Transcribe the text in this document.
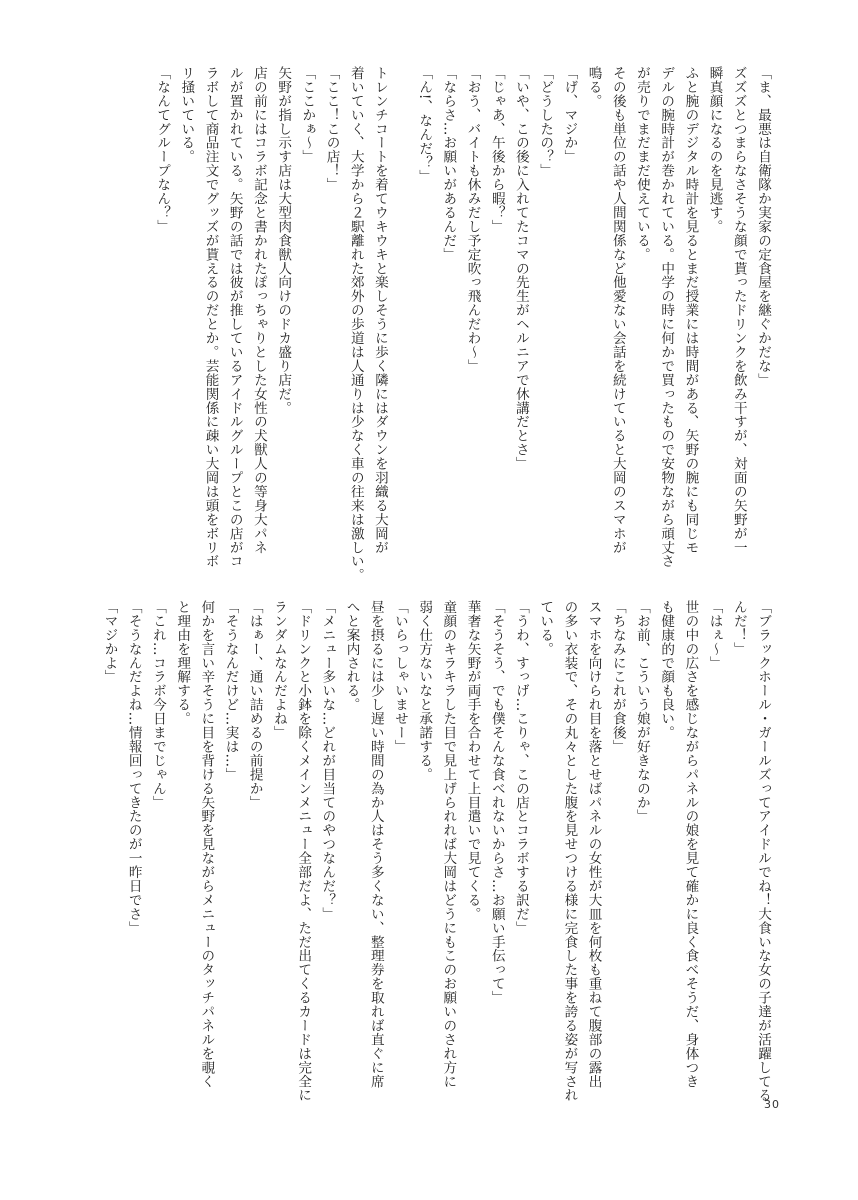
「ま、最悪は自衛隊か実家の定食屋を継ぐかだな」

ズズズとつまらなさそうな顔で貰ったドリンクを飲み干すが、対面の矢野が一

瞬真顔になるのを見逃す。

ふと腕のデジタル時計を見るとまだ授業には時間がある、矢野の腕にも同じモ

デルの腕時計が巻かれている。中学の時に何かで買ったもので安物ながら頑丈さ

が売りでまだまだ使えている。

その後も単位の話や人間関係など他愛ない会話を続けていると大岡のスマホが

鳴る。

「げ、マジか」

「どうしたの？」

「いや、この後に入れてたコマの先生がヘルニアで休講だとさ」

「じゃあ、午後から暇？」

「おう、バイトも休みだし予定吹っ飛んだわ〜」

「ならさ…お願いがあるんだ」

「ん!、なんだ？」

トレンチコートを着てウキウキと楽しそうに歩く隣にはダウンを羽織る大岡が

着いていく、大学から２駅離れた郊外の歩道は人通りは少なく車の往来は激しい。

「ここ！この店！」

「ここかぁ〜」

矢野が指し示す店は大型肉食獣人向けのドカ盛り店だ。

店の前にはコラボ記念と書かれたぽっちゃりとした女性の犬獣人の等身大パネ

ルが置かれている。矢野の話では彼が推しているアイドルグループとこの店がコ

ラボして商品注文でグッズが貰えるのだとか。芸能関係に疎い大岡は頭をボリボ

リ掻いている。

「なんてグループなん？」

「ブラックホール・ガールズってアイドルでね！大食いな女の子達が活躍してる

んだ！」

「はぇ〜」

世の中の広さを感じながらパネルの娘を見て確かに良く食べそうだ、身体つき

も健康的で顔も良い。

「お前、こういう娘が好きなのか」

「ちなみにこれが食後」

スマホを向けられ目を落とせばパネルの女性が大皿を何枚も重ねて腹部の露出

の多い衣装で、その丸々とした腹を見せつける様に完食した事を誇る姿が写され

ている。

「うわ、すっげ…こりゃ、この店とコラボする訳だ」

「そうそう、でも僕そんな食べれないからさ…お願い手伝って」

華奢な矢野が両手を合わせて上目遣いで見てくる。

童顔のキラキラした目で見上げられれば大岡はどうにもこのお願いのされ方に

弱く仕方ないなと承諾する。

「いらっしゃいませー」

昼を摂るには少し遅い時間の為か人はそう多くない、整理券を取れば直ぐに席

へと案内される。

「メニュー多いな…どれが目当てのやつなんだ？」

「ドリンクと小鉢を除くメインメニュー全部だよ、ただ出てくるカードは完全に

ランダムなんだよね」

「はぁー、通い詰めるの前提か」

「そうなんだけど…実は…」

何かを言い辛そうに目を背ける矢野を見ながらメニューのタッチパネルを覗く

と理由を理解する。

「これ…コラボ今日までじゃん」

「そうなんだよね…情報回ってきたのが一昨日でさ」

「マジかよ」

30
